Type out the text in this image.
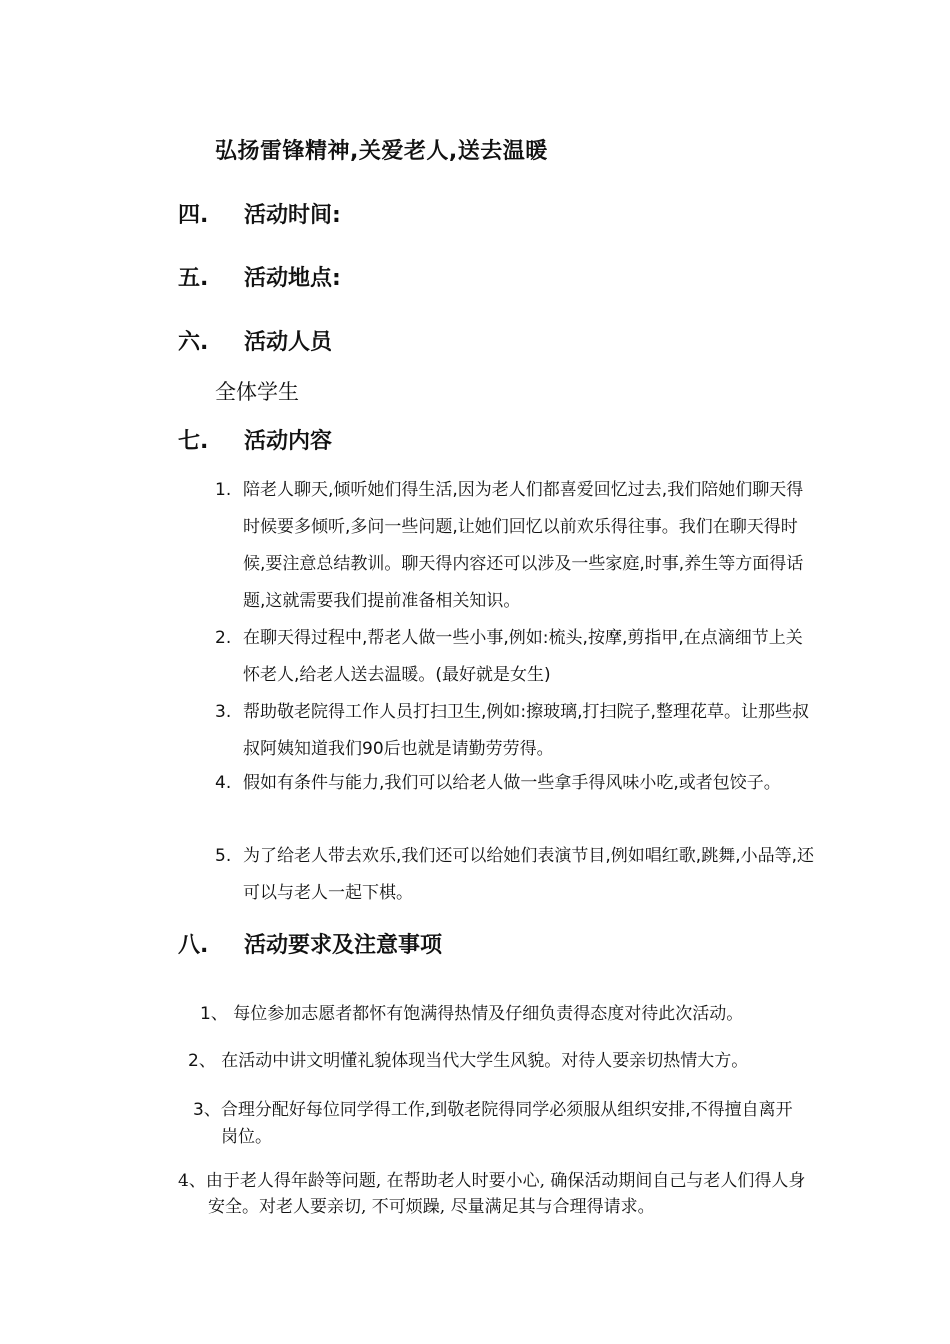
弘扬雷锋精神,关爱老人,送去温暖
四. 活动时间:
五. 活动地点:
六. 活动人员
全体学生
七. 活动内容
1. 陪老人聊天,倾听她们得生活,因为老人们都喜爱回忆过去,我们陪她们聊天得时候要多倾听,多问一些问题,让她们回忆以前欢乐得往事。我们在聊天得时候,要注意总结教训。聊天得内容还可以涉及一些家庭,时事,养生等方面得话题,这就需要我们提前准备相关知识。
2. 在聊天得过程中,帮老人做一些小事,例如:梳头,按摩,剪指甲,在点滴细节上关怀老人,给老人送去温暖。(最好就是女生)
3. 帮助敬老院得工作人员打扫卫生,例如:擦玻璃,打扫院子,整理花草。让那些叔叔阿姨知道我们90后也就是请勤劳劳得。
4. 假如有条件与能力,我们可以给老人做一些拿手得风味小吃,或者包饺子。
5. 为了给老人带去欢乐,我们还可以给她们表演节目,例如唱红歌,跳舞,小品等,还可以与老人一起下棋。
八. 活动要求及注意事项
1、 每位参加志愿者都怀有饱满得热情及仔细负责得态度对待此次活动。
2、 在活动中讲文明懂礼貌体现当代大学生风貌。对待人要亲切热情大方。
3、合理分配好每位同学得工作,到敬老院得同学必须服从组织安排,不得擅自离开岗位。
4、由于老人得年龄等问题, 在帮助老人时要小心, 确保活动期间自己与老人们得人身安全。对老人要亲切, 不可烦躁, 尽量满足其与合理得请求。
